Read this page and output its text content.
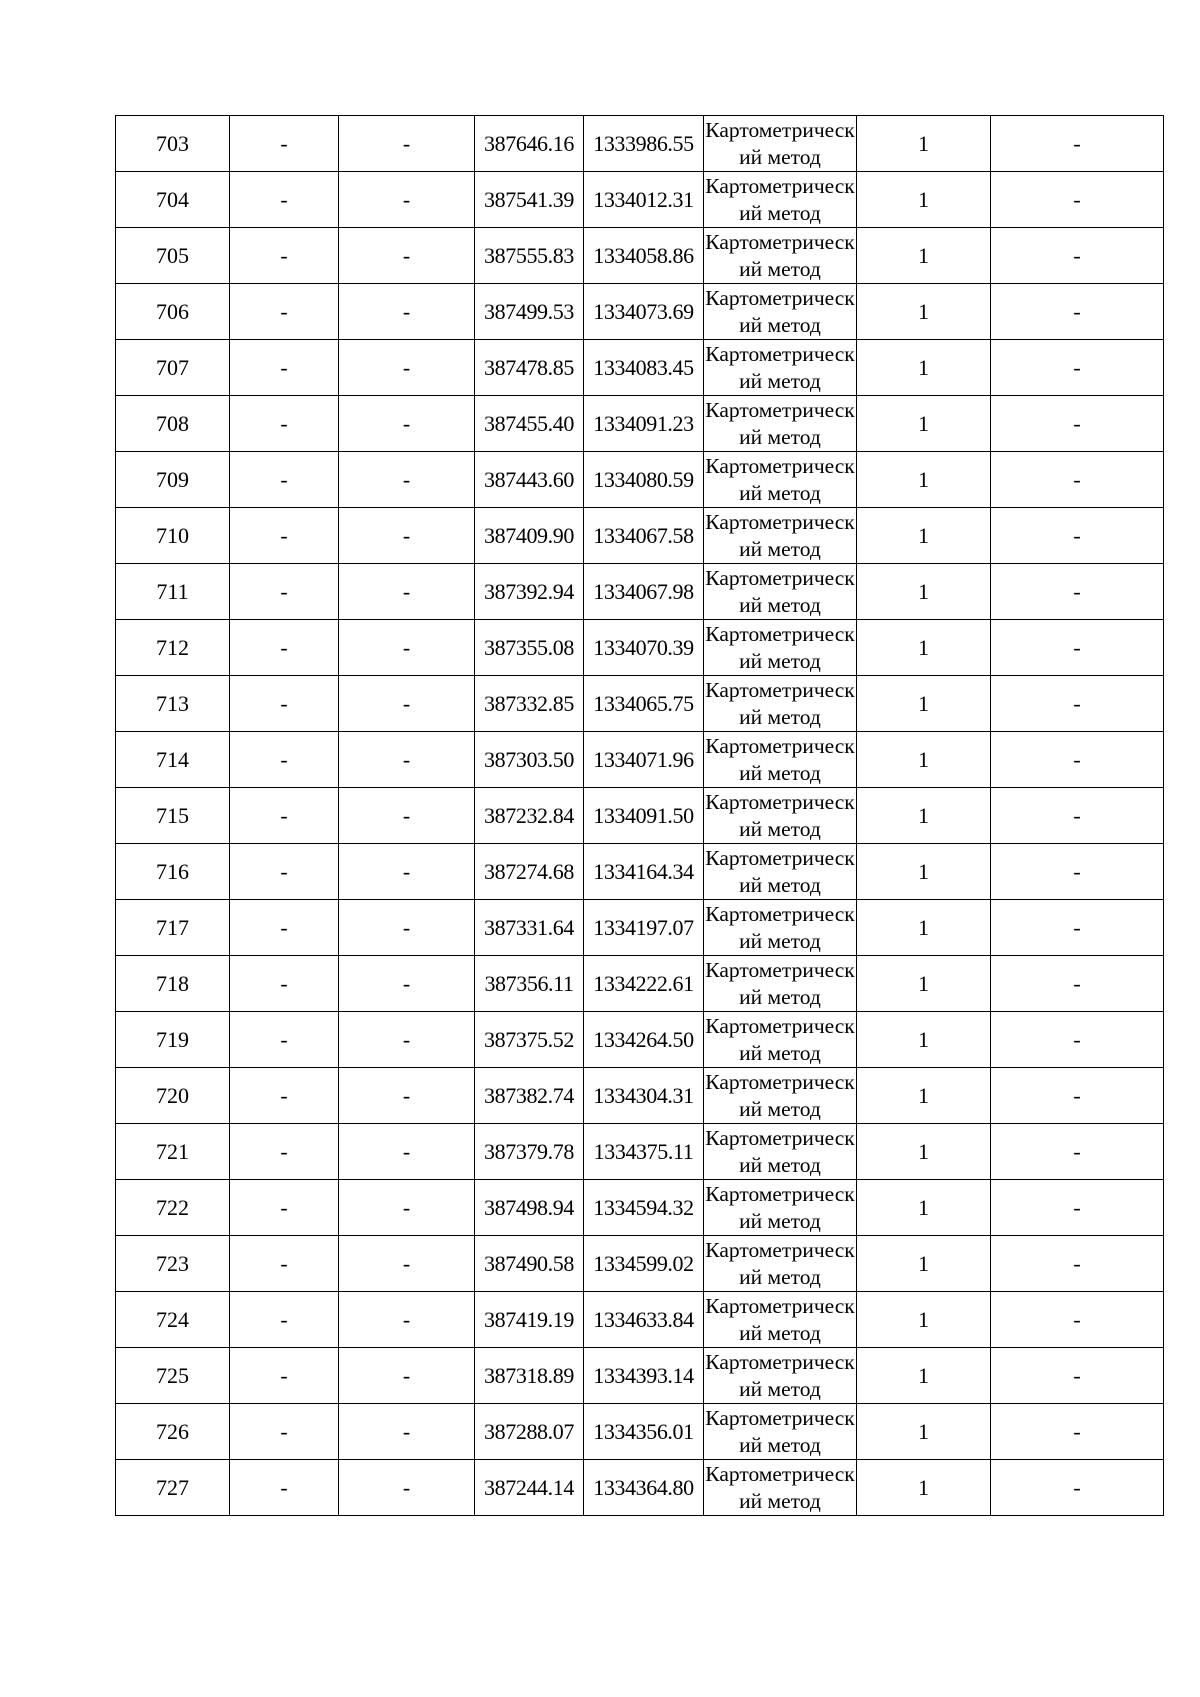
703	-	-	387646.16	1333986.55	Картометрический метод	1	-
704	-	-	387541.39	1334012.31	Картометрический метод	1	-
705	-	-	387555.83	1334058.86	Картометрический метод	1	-
706	-	-	387499.53	1334073.69	Картометрический метод	1	-
707	-	-	387478.85	1334083.45	Картометрический метод	1	-
708	-	-	387455.40	1334091.23	Картометрический метод	1	-
709	-	-	387443.60	1334080.59	Картометрический метод	1	-
710	-	-	387409.90	1334067.58	Картометрический метод	1	-
711	-	-	387392.94	1334067.98	Картометрический метод	1	-
712	-	-	387355.08	1334070.39	Картометрический метод	1	-
713	-	-	387332.85	1334065.75	Картометрический метод	1	-
714	-	-	387303.50	1334071.96	Картометрический метод	1	-
715	-	-	387232.84	1334091.50	Картометрический метод	1	-
716	-	-	387274.68	1334164.34	Картометрический метод	1	-
717	-	-	387331.64	1334197.07	Картометрический метод	1	-
718	-	-	387356.11	1334222.61	Картометрический метод	1	-
719	-	-	387375.52	1334264.50	Картометрический метод	1	-
720	-	-	387382.74	1334304.31	Картометрический метод	1	-
721	-	-	387379.78	1334375.11	Картометрический метод	1	-
722	-	-	387498.94	1334594.32	Картометрический метод	1	-
723	-	-	387490.58	1334599.02	Картометрический метод	1	-
724	-	-	387419.19	1334633.84	Картометрический метод	1	-
725	-	-	387318.89	1334393.14	Картометрический метод	1	-
726	-	-	387288.07	1334356.01	Картометрический метод	1	-
727	-	-	387244.14	1334364.80	Картометрический метод	1	-
